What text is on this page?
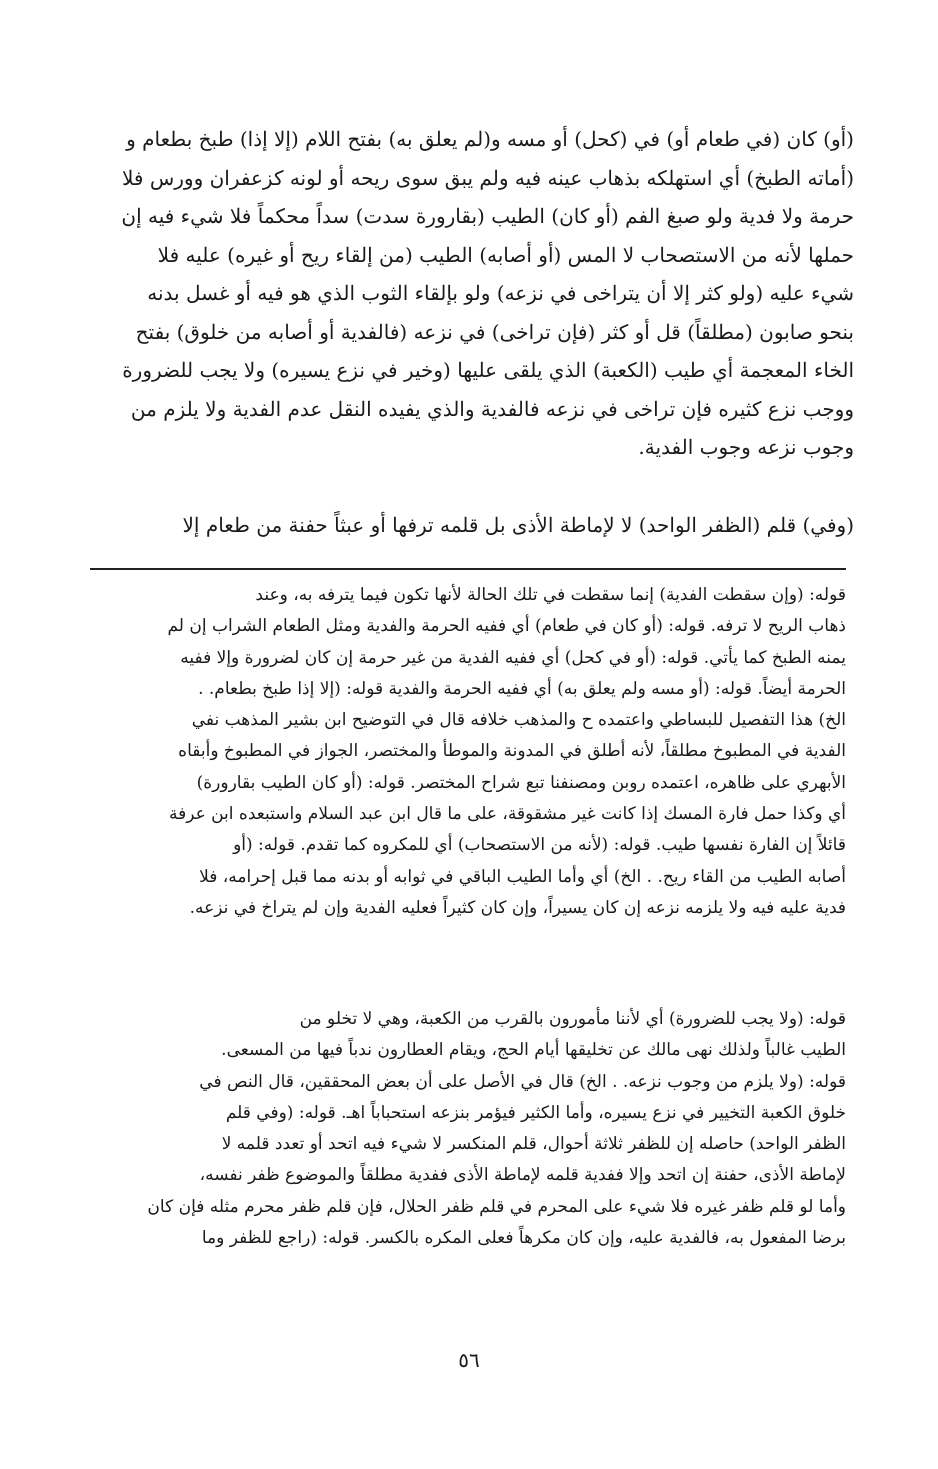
(أو) كان (في طعام أو) في (كحل) أو مسه و(لم يعلق به) بفتح اللام (إلا إذا) طبخ بطعام و
(أماته الطبخ) أي استهلكه بذهاب عينه فيه ولم يبق سوى ريحه أو لونه كزعفران وورس فلا
حرمة ولا فدية ولو صبغ الفم (أو كان) الطيب (بقارورة سدت) سداً محكماً فلا شيء فيه إن
حملها لأنه من الاستصحاب لا المس (أو أصابه) الطيب (من إلقاء ريح أو غيره) عليه فلا
شيء عليه (ولو كثر إلا أن يتراخى في نزعه) ولو بإلقاء الثوب الذي هو فيه أو غسل بدنه
بنحو صابون (مطلقاً) قل أو كثر (فإن تراخى) في نزعه (فالفدية أو أصابه من خلوق) بفتح
الخاء المعجمة أي طيب (الكعبة) الذي يلقى عليها (وخير في نزع يسيره) ولا يجب للضرورة
ووجب نزع كثيره فإن تراخى في نزعه فالفدية والذي يفيده النقل عدم الفدية ولا يلزم من
وجوب نزعه وجوب الفدية.
(وفي) قلم (الظفر الواحد) لا لإماطة الأذى بل قلمه ترفها أو عبثاً حفنة من طعام إلا
قوله: (وإن سقطت الفدية) إنما سقطت في تلك الحالة لأنها تكون فيما يترفه به، وعند
ذهاب الريح لا ترفه. قوله: (أو كان في طعام) أي ففيه الحرمة والفدية ومثل الطعام الشراب إن لم
يمنه الطبخ كما يأتي. قوله: (أو في كحل) أي ففيه الفدية من غير حرمة إن كان لضرورة وإلا ففيه
الحرمة أيضاً. قوله: (أو مسه ولم يعلق به) أي ففيه الحرمة والفدية قوله: (إلا إذا طبخ بطعام. .
الخ) هذا التفصيل للبساطي واعتمده ح والمذهب خلافه قال في التوضيح ابن بشير المذهب نفي
الفدية في المطبوخ مطلقاً، لأنه أطلق في المدونة والموطأ والمختصر، الجواز في المطبوخ وأبقاه
الأبهري على ظاهره، اعتمده روبن ومصنفنا تبع شراح المختصر. قوله: (أو كان الطيب بقارورة)
أي وكذا حمل فارة المسك إذا كانت غير مشقوقة، على ما قال ابن عبد السلام واستبعده ابن عرفة
قائلاً إن الفارة نفسها طيب. قوله: (لأنه من الاستصحاب) أي للمكروه كما تقدم. قوله: (أو
أصابه الطيب من القاء ريح. . الخ) أي وأما الطيب الباقي في ثوابه أو بدنه مما قبل إحرامه، فلا
فدية عليه فيه ولا يلزمه نزعه إن كان يسيراً، وإن كان كثيراً فعليه الفدية وإن لم يتراخ في نزعه.
قوله: (ولا يجب للضرورة) أي لأننا مأمورون بالقرب من الكعبة، وهي لا تخلو من
الطيب غالباً ولذلك نهى مالك عن تخليقها أيام الحج، ويقام العطارون ندباً فيها من المسعى.
قوله: (ولا يلزم من وجوب نزعه. . الخ) قال في الأصل على أن بعض المحققين، قال النص في
خلوق الكعبة التخيير في نزع يسيره، وأما الكثير فيؤمر بنزعه استحباباً اهـ. قوله: (وفي قلم
الظفر الواحد) حاصله إن للظفر ثلاثة أحوال، قلم المنكسر لا شيء فيه اتحد أو تعدد قلمه لا
لإماطة الأذى، حفنة إن اتحد وإلا ففدية قلمه لإماطة الأذى ففدية مطلقاً والموضوع ظفر نفسه،
وأما لو قلم ظفر غيره فلا شيء على المحرم في قلم ظفر الحلال، فإن قلم ظفر محرم مثله فإن كان
برضا المفعول به، فالفدية عليه، وإن كان مكرهاً فعلى المكره بالكسر. قوله: (راجع للظفر وما
٥٦
